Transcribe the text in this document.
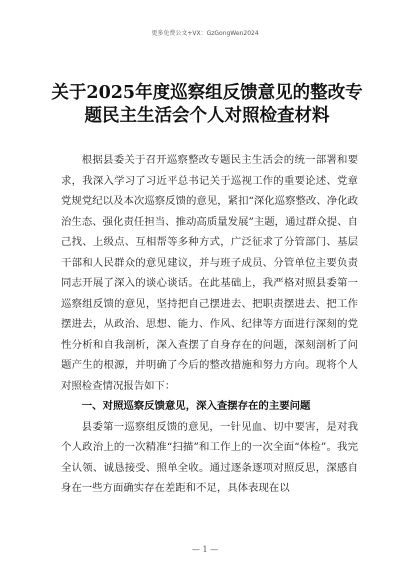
更多免费公文+VX：GzGongWen2024
关于2025年度巡察组反馈意见的整改专题民主生活会个人对照检查材料

根据县委关于召开巡察整改专题民主生活会的统一部署和要求，我深入学习了习近平总书记关于巡视工作的重要论述、党章党规党纪以及本次巡察反馈的意见，紧扣“深化巡察整改、净化政治生态、强化责任担当、推动高质量发展”主题，通过群众提、自己找、上级点、互相帮等多种方式，广泛征求了分管部门、基层干部和人民群众的意见建议，并与班子成员、分管单位主要负责同志开展了深入的谈心谈话。在此基础上，我严格对照县委第一巡察组反馈的意见，坚持把自己摆进去、把职责摆进去、把工作摆进去，从政治、思想、能力、作风、纪律等方面进行深刻的党性分析和自我剖析，深入查摆了自身存在的问题，深刻剖析了问题产生的根源，并明确了今后的整改措施和努力方向。现将个人对照检查情况报告如下：

一、对照巡察反馈意见，深入查摆存在的主要问题

县委第一巡察组反馈的意见，一针见血、切中要害，是对我个人政治上的一次精准“扫描”和工作上的一次全面“体检”。我完全认领、诚恳接受、照单全收。通过逐条逐项对照反思，深感自身在一些方面确实存在差距和不足，具体表现在以

— 1 —
